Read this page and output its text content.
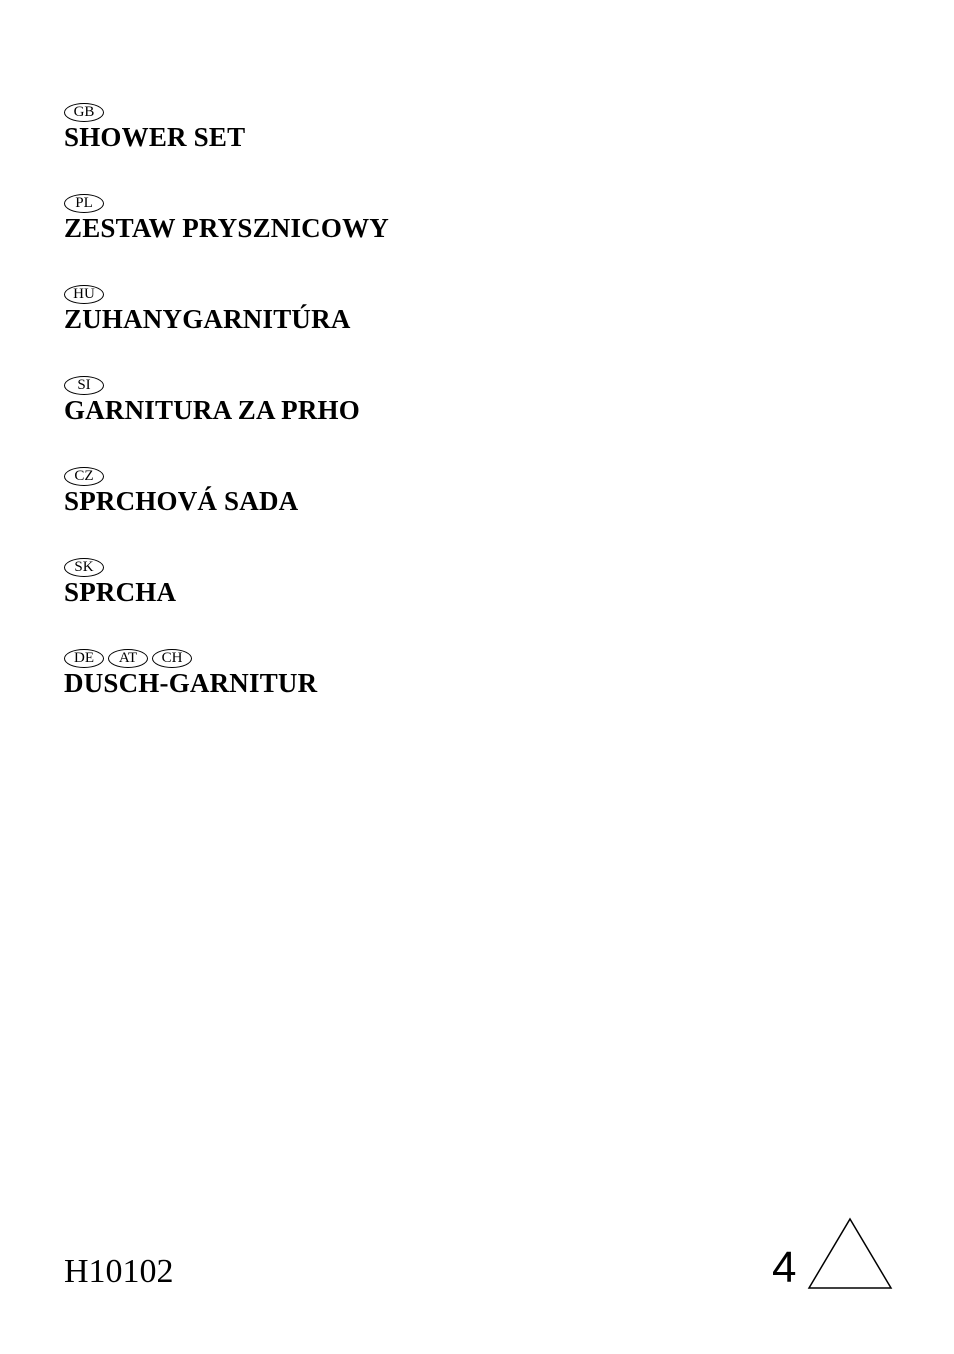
GB
SHOWER SET
PL
ZESTAW PRYSZNICOWY
HU
ZUHANYGARNITÚRA
SI
GARNITURA ZA PRHO
CZ
SPRCHOVÁ SADA
SK
SPRCHA
DE	AT	CH
DUSCH-GARNITUR
H10102	4
